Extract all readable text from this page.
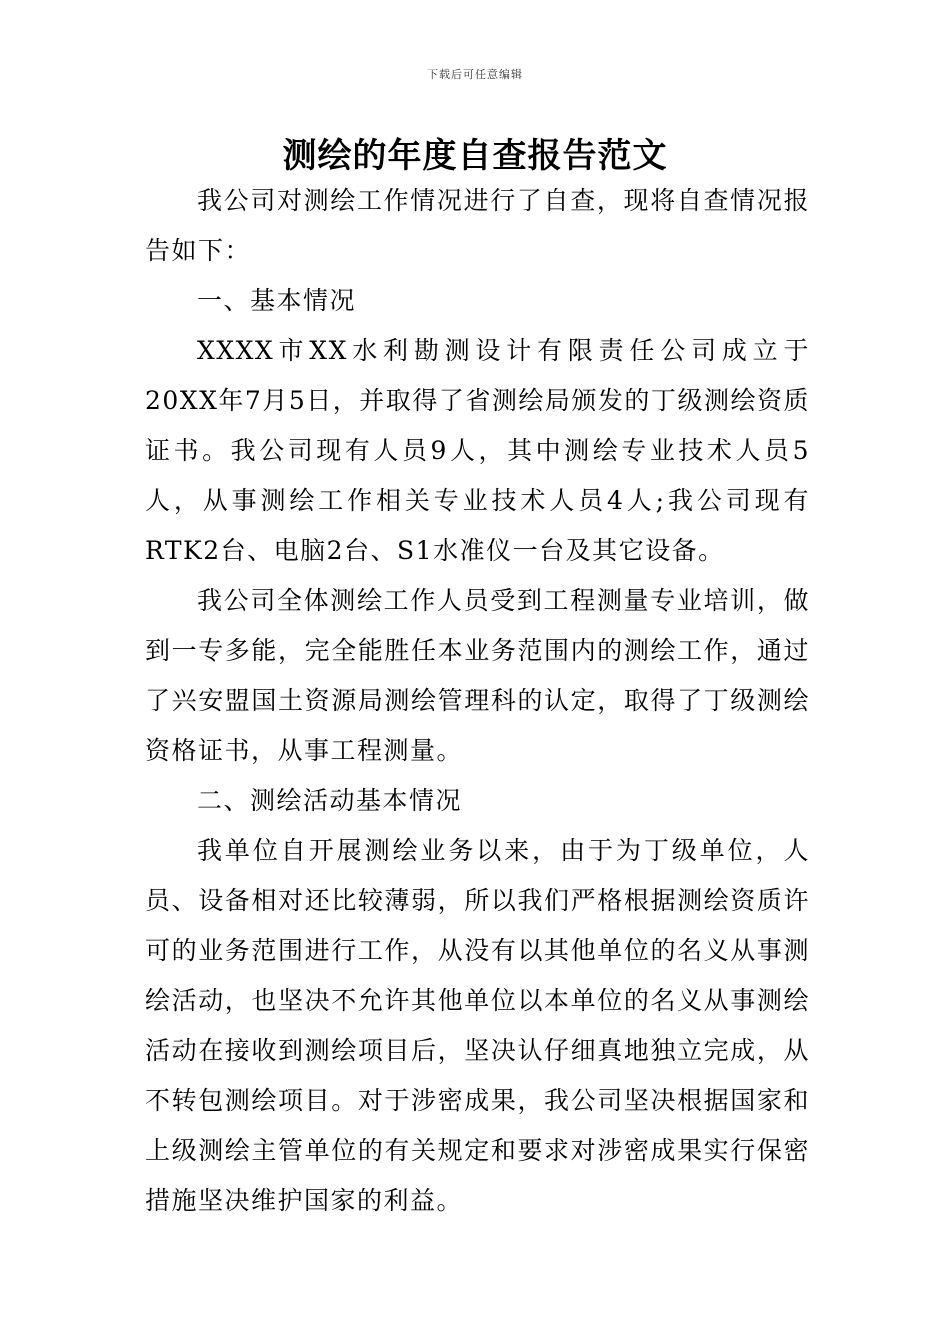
下载后可任意编辑
测绘的年度自查报告范文

我公司对测绘工作情况进行了自查，现将自查情况报告如下：

一、基本情况

XXXX市XX水利勘测设计有限责任公司成立于20XX年7月5日，并取得了省测绘局颁发的丁级测绘资质证书。我公司现有人员9人，其中测绘专业技术人员5人，从事测绘工作相关专业技术人员4人;我公司现有RTK2台、电脑2台、S1水准仪一台及其它设备。

我公司全体测绘工作人员受到工程测量专业培训，做到一专多能，完全能胜任本业务范围内的测绘工作，通过了兴安盟国土资源局测绘管理科的认定，取得了丁级测绘资格证书，从事工程测量。

二、测绘活动基本情况

我单位自开展测绘业务以来，由于为丁级单位，人员、设备相对还比较薄弱，所以我们严格根据测绘资质许可的业务范围进行工作，从没有以其他单位的名义从事测绘活动，也坚决不允许其他单位以本单位的名义从事测绘活动在接收到测绘项目后，坚决认仔细真地独立完成，从不转包测绘项目。对于涉密成果，我公司坚决根据国家和上级测绘主管单位的有关规定和要求对涉密成果实行保密措施坚决维护国家的利益。
